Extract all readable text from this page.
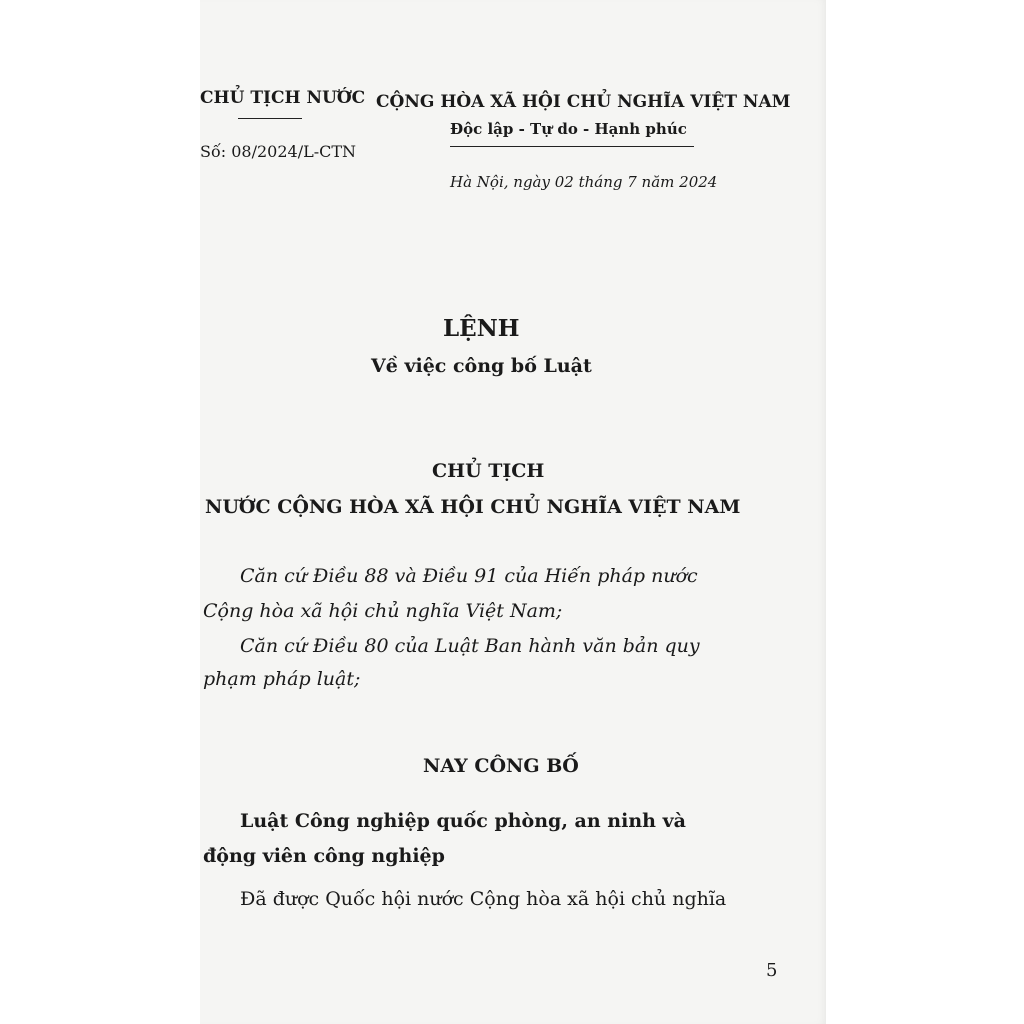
CHỦ TỊCH NƯỚC
Số: 08/2024/L-CTN
CỘNG HÒA XÃ HỘI CHỦ NGHĨA VIỆT NAM
Độc lập - Tự do - Hạnh phúc
Hà Nội, ngày 02 tháng 7 năm 2024
LỆNH
Về việc công bố Luật
CHỦ TỊCH
NƯỚC CỘNG HÒA XÃ HỘI CHỦ NGHĨA VIỆT NAM
Căn cứ Điều 88 và Điều 91 của Hiến pháp nước
Cộng hòa xã hội chủ nghĩa Việt Nam;
Căn cứ Điều 80 của Luật Ban hành văn bản quy
phạm pháp luật;
NAY CÔNG BỐ
Luật Công nghiệp quốc phòng, an ninh và
động viên công nghiệp
Đã được Quốc hội nước Cộng hòa xã hội chủ nghĩa
5
